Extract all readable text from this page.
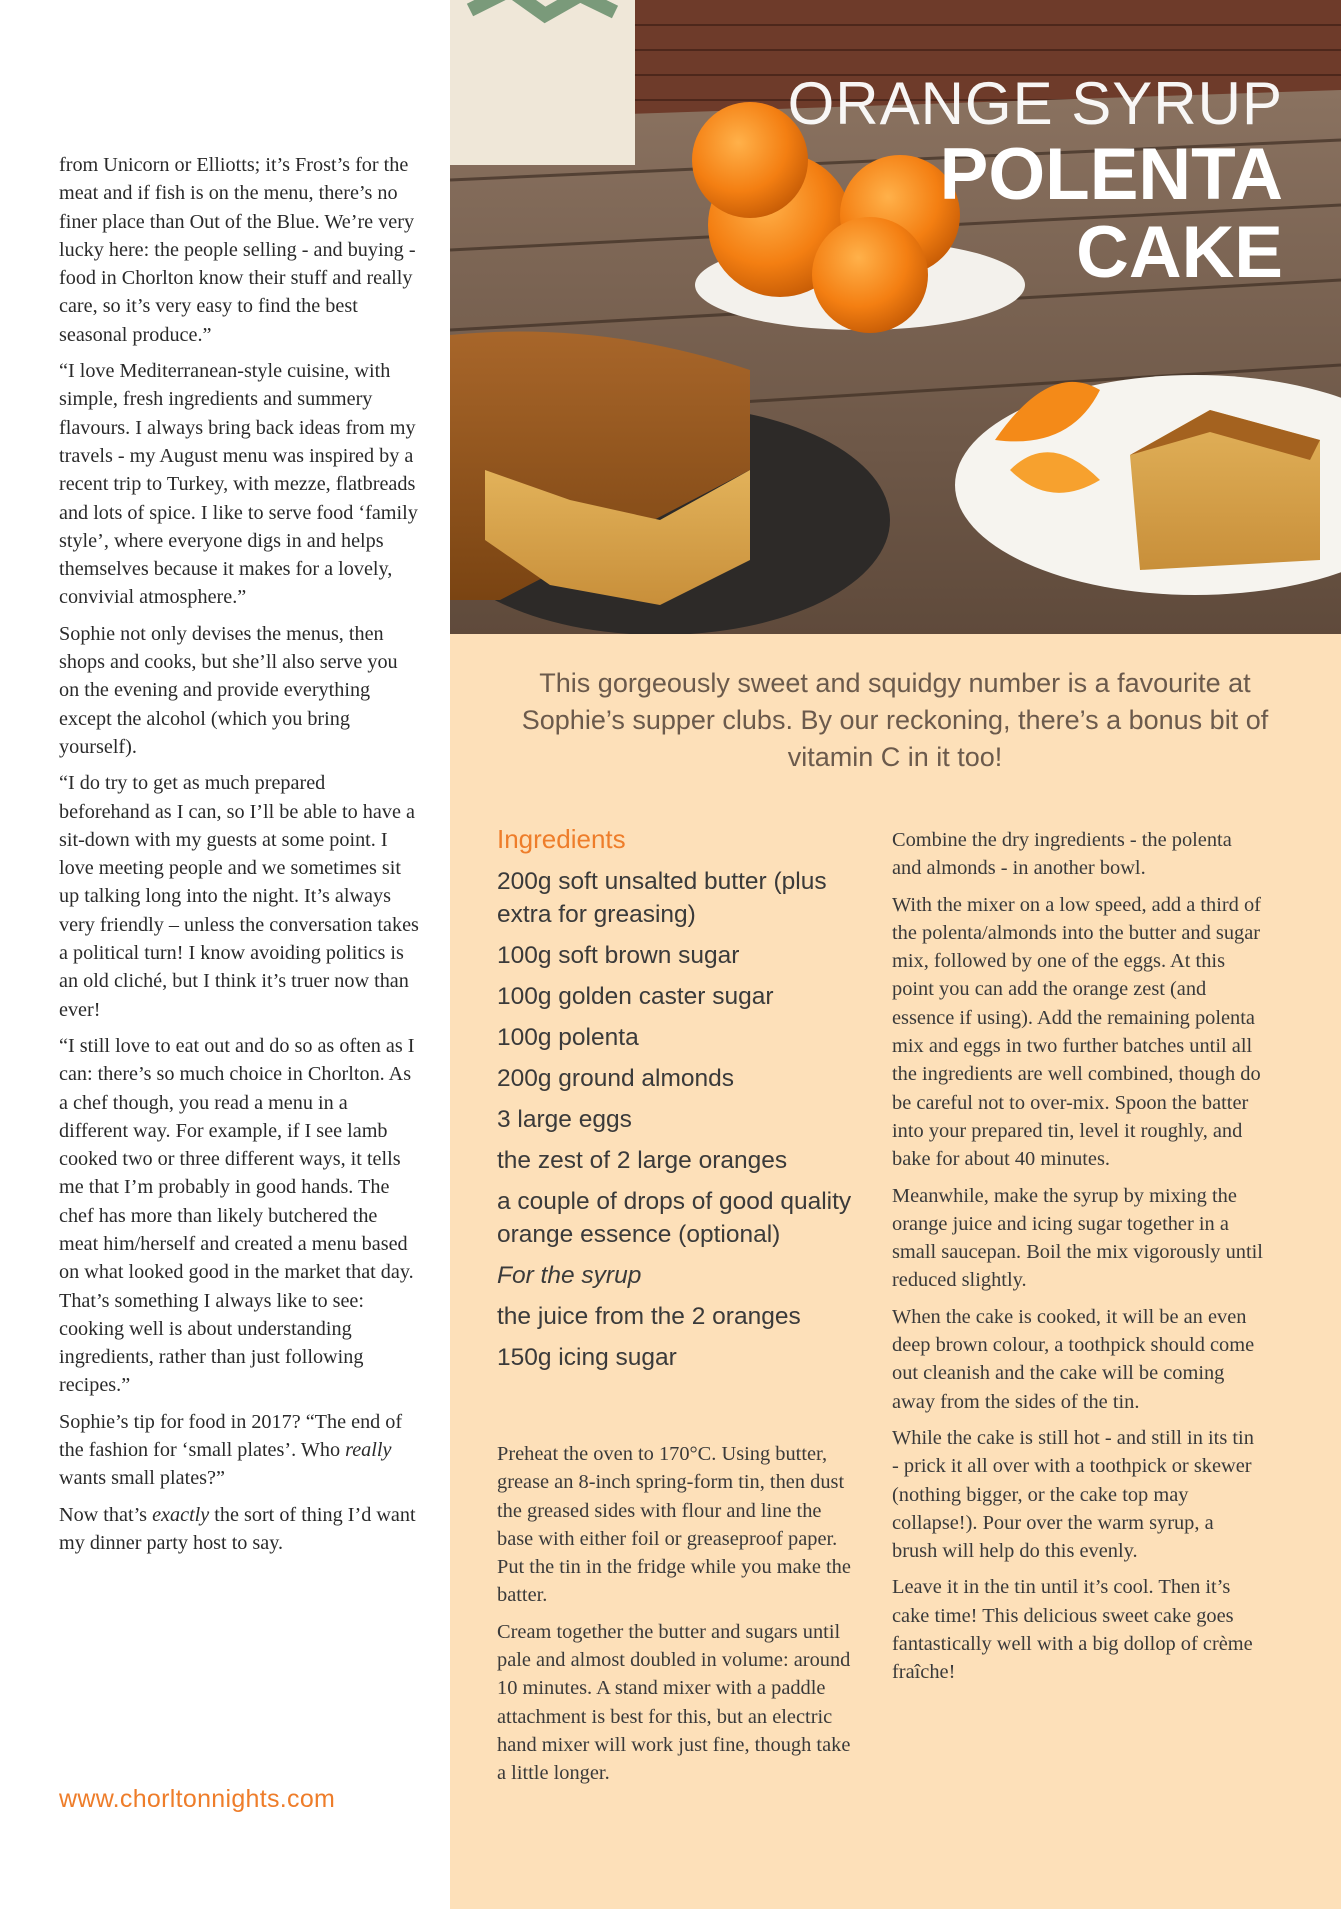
from Unicorn or Elliotts; it’s Frost’s for the meat and if fish is on the menu, there’s no finer place than Out of the Blue. We’re very lucky here: the people selling - and buying - food in Chorlton know their stuff and really care, so it’s very easy to find the best seasonal produce.”

“I love Mediterranean-style cuisine, with simple, fresh ingredients and summery flavours. I always bring back ideas from my travels - my August menu was inspired by a recent trip to Turkey, with mezze, flatbreads and lots of spice. I like to serve food ‘family style’, where everyone digs in and helps themselves because it makes for a lovely, convivial atmosphere.”

Sophie not only devises the menus, then shops and cooks, but she’ll also serve you on the evening and provide everything except the alcohol (which you bring yourself).

“I do try to get as much prepared beforehand as I can, so I’ll be able to have a sit-down with my guests at some point. I love meeting people and we sometimes sit up talking long into the night. It’s always very friendly – unless the conversation takes a political turn! I know avoiding politics is an old cliché, but I think it’s truer now than ever!

“I still love to eat out and do so as often as I can: there’s so much choice in Chorlton. As a chef though, you read a menu in a different way. For example, if I see lamb cooked two or three different ways, it tells me that I’m probably in good hands. The chef has more than likely butchered the meat him/herself and created a menu based on what looked good in the market that day. That’s something I always like to see: cooking well is about understanding ingredients, rather than just following recipes.”

Sophie’s tip for food in 2017? “The end of the fashion for ‘small plates’. Who really wants small plates?”

Now that’s exactly the sort of thing I’d want my dinner party host to say.

www.chorltonnights.com
ORANGE SYRUP
POLENTA
CAKE
This gorgeously sweet and squidgy number is a favourite at Sophie’s supper clubs. By our reckoning, there’s a bonus bit of vitamin C in it too!
Ingredients
200g soft unsalted butter (plus extra for greasing)
100g soft brown sugar
100g golden caster sugar
100g polenta
200g ground almonds
3 large eggs
the zest of 2 large oranges
a couple of drops of good quality orange essence (optional)
For the syrup
the juice from the 2 oranges
150g icing sugar

Preheat the oven to 170°C. Using butter, grease an 8-inch spring-form tin, then dust the greased sides with flour and line the base with either foil or greaseproof paper. Put the tin in the fridge while you make the batter.

Cream together the butter and sugars until pale and almost doubled in volume: around 10 minutes. A stand mixer with a paddle attachment is best for this, but an electric hand mixer will work just fine, though take a little longer.

Combine the dry ingredients - the polenta and almonds - in another bowl.

With the mixer on a low speed, add a third of the polenta/almonds into the butter and sugar mix, followed by one of the eggs. At this point you can add the orange zest (and essence if using). Add the remaining polenta mix and eggs in two further batches until all the ingredients are well combined, though do be careful not to over-mix. Spoon the batter into your prepared tin, level it roughly, and bake for about 40 minutes.

Meanwhile, make the syrup by mixing the orange juice and icing sugar together in a small saucepan. Boil the mix vigorously until reduced slightly.

When the cake is cooked, it will be an even deep brown colour, a toothpick should come out cleanish and the cake will be coming away from the sides of the tin.

While the cake is still hot - and still in its tin - prick it all over with a toothpick or skewer (nothing bigger, or the cake top may collapse!). Pour over the warm syrup, a brush will help do this evenly.

Leave it in the tin until it’s cool. Then it’s cake time! This delicious sweet cake goes fantastically well with a big dollop of crème fraîche!
